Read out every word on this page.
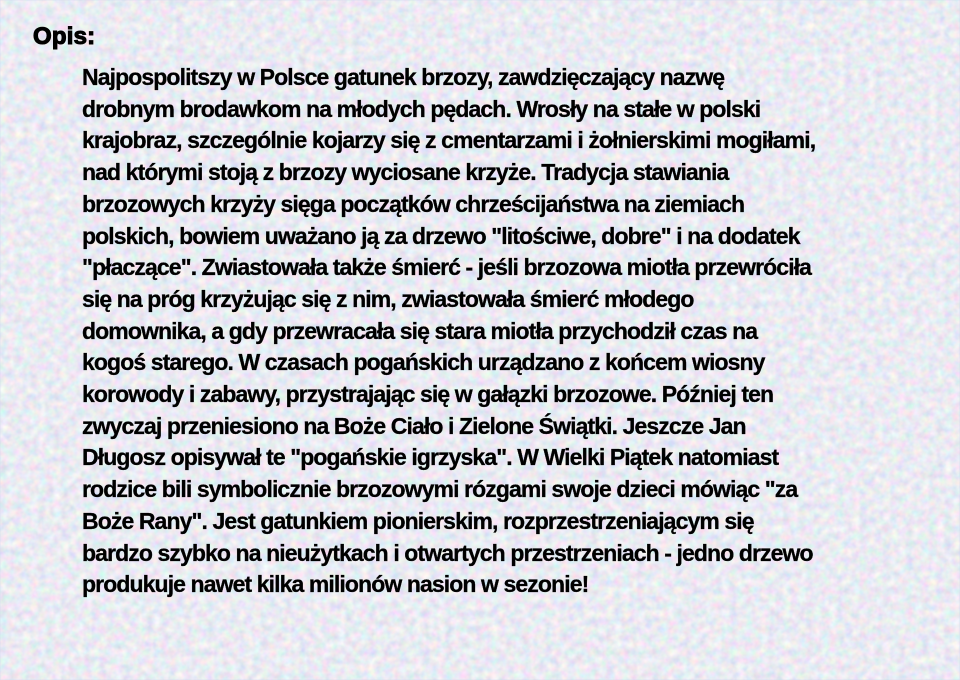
Opis:
Najpospolitszy w Polsce gatunek brzozy, zawdzięczający nazwę
drobnym brodawkom na młodych pędach. Wrosły na stałe w polski
krajobraz, szczególnie kojarzy się z cmentarzami i żołnierskimi mogiłami,
nad którymi stoją z brzozy wyciosane krzyże. Tradycja stawiania
brzozowych krzyży sięga początków chrześcijaństwa na ziemiach
polskich, bowiem uważano ją za drzewo "litościwe, dobre" i na dodatek
"płaczące". Zwiastowała także śmierć - jeśli brzozowa miotła przewróciła
się na próg krzyżując się z nim, zwiastowała śmierć młodego
domownika, a gdy przewracała się stara miotła przychodził czas na
kogoś starego. W czasach pogańskich urządzano z końcem wiosny
korowody i zabawy, przystrajając się w gałązki brzozowe. Później ten
zwyczaj przeniesiono na Boże Ciało i Zielone Świątki. Jeszcze Jan
Długosz opisywał te "pogańskie igrzyska". W Wielki Piątek natomiast
rodzice bili symbolicznie brzozowymi rózgami swoje dzieci mówiąc "za
Boże Rany". Jest gatunkiem pionierskim, rozprzestrzeniającym się
bardzo szybko na nieużytkach i otwartych przestrzeniach - jedno drzewo
produkuje nawet kilka milionów nasion w sezonie!
